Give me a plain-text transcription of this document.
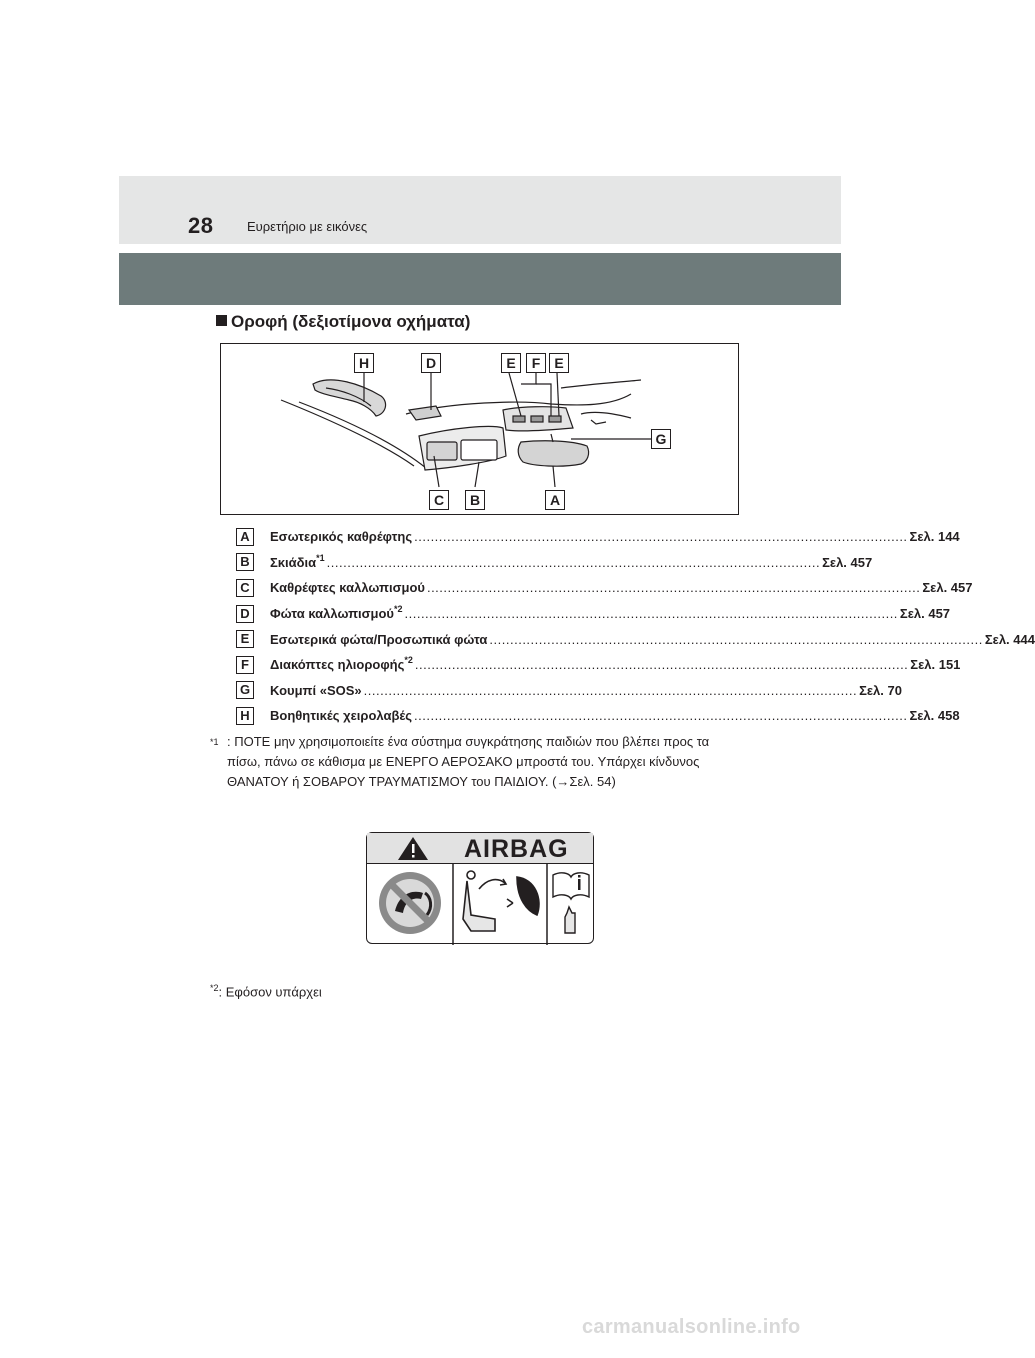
28	Ευρετήριο με εικόνες
Οροφή (δεξιοτίμονα οχήματα)
H	D	E	F	E
G
C	B	A
A	Εσωτερικός καθρέφτης ........................................................................................................................ Σελ. 144
B	Σκιάδια$^{*1}$ ........................................................................................................................ Σελ. 457
C	Καθρέφτες καλλωπισμού ........................................................................................................................ Σελ. 457
D	Φώτα καλλωπισμού$^{*2}$ ........................................................................................................................ Σελ. 457
E	Εσωτερικά φώτα/Προσωπικά φώτα ........................................................................................................................ Σελ. 444
F	Διακόπτες ηλιοροφής$^{*2}$ ........................................................................................................................ Σελ. 151
G	Κουμπί «SOS» ........................................................................................................................ Σελ. 70
H	Βοηθητικές χειρολαβές ........................................................................................................................ Σελ. 458
*1 : ΠΟΤΕ μην χρησιμοποιείτε ένα σύστημα συγκράτησης παιδιών που βλέπει προς τα πίσω, πάνω σε κάθισμα με ΕΝΕΡΓΟ ΑΕΡΟΣΑΚΟ μπροστά του. Υπάρχει κίνδυνος ΘΑΝΑΤΟΥ ή ΣΟΒΑΡΟΥ ΤΡΑΥΜΑΤΙΣΜΟΥ του ΠΑΙΔΙΟΥ. (→Σελ. 54)
AIRBAG
$^{*2}$: Εφόσον υπάρχει
carmanualsonline.info
